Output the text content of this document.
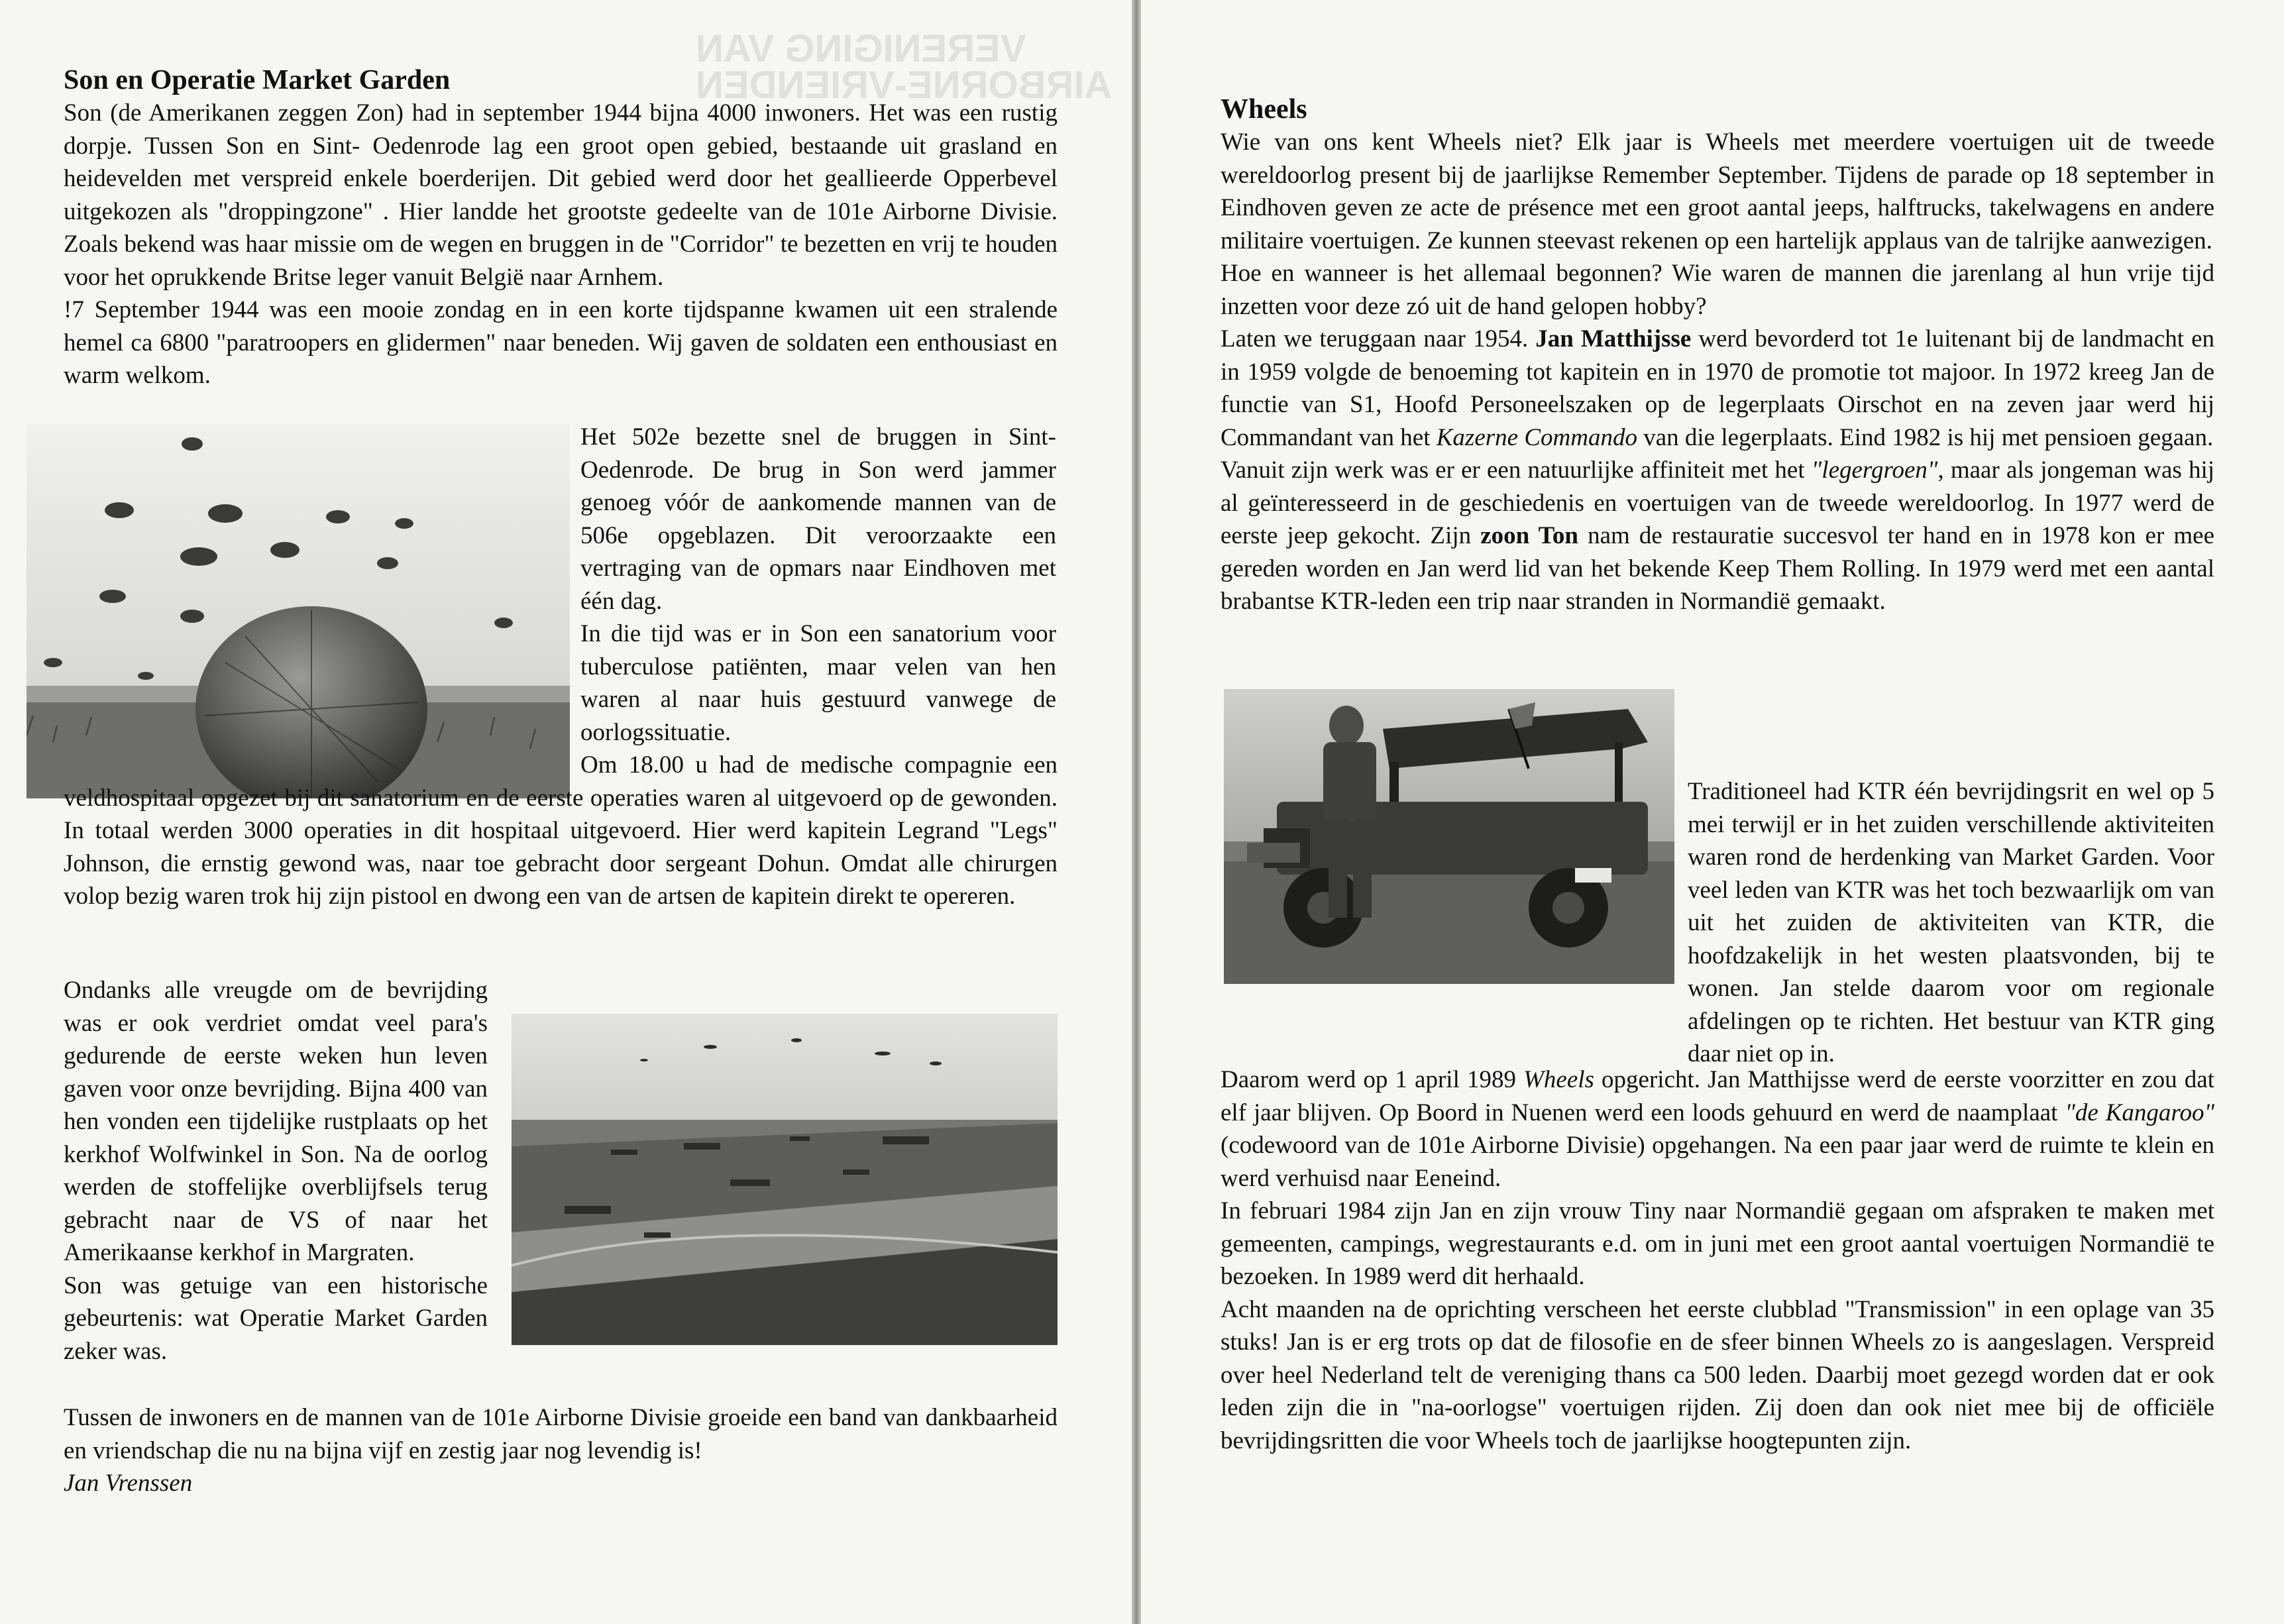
VERENIGING VAN
AIRBORNE-VRIENDEN
Son en Operatie Market Garden

Son (de Amerikanen zeggen Zon) had in september 1944 bijna 4000 inwoners. Het was een rustig dorpje. Tussen Son en Sint- Oedenrode lag een groot open gebied, bestaande uit grasland en heidevelden met verspreid enkele boerderijen. Dit gebied werd door het geallieerde Opperbevel uitgekozen als "droppingzone" . Hier landde het grootste gedeelte van de 101e Airborne Divisie. Zoals bekend was haar missie om de wegen en bruggen in de "Corridor" te bezetten en vrij te houden voor het oprukkende Britse leger vanuit België naar Arnhem.

!7 September 1944 was een mooie zondag en in een korte tijdspanne kwamen uit een stralende hemel ca 6800 "paratroopers en glidermen" naar beneden. Wij gaven de soldaten een enthousiast en warm welkom.

Het 502e bezette snel de bruggen in Sint-Oedenrode. De brug in Son werd jammer genoeg vóór de aankomende mannen van de 506e opgeblazen. Dit veroorzaakte een vertraging van de opmars naar Eindhoven met één dag.

In die tijd was er in Son een sanatorium voor tuberculose patiënten, maar velen van hen waren al naar huis gestuurd vanwege de oorlogssituatie.

Om 18.00 u had de medische compagnie een veldhospitaal opgezet bij dit sanatorium en de eerste operaties waren al uitgevoerd op de gewonden. In totaal werden 3000 operaties in dit hospitaal uitgevoerd. Hier werd kapitein Legrand "Legs" Johnson, die ernstig gewond was, naar toe gebracht door sergeant Dohun. Omdat alle chirurgen volop bezig waren trok hij zijn pistool en dwong een van de artsen de kapitein direkt te opereren.

Ondanks alle vreugde om de bevrijding was er ook verdriet omdat veel para's gedurende de eerste weken hun leven gaven voor onze bevrijding. Bijna 400 van hen vonden een tijdelijke rustplaats op het kerkhof Wolfwinkel in Son. Na de oorlog werden de stoffelijke overblijfsels terug gebracht naar de VS of naar het Amerikaanse kerkhof in Margraten.

Son was getuige van een historische gebeurtenis: wat Operatie Market Garden zeker was.

Tussen de inwoners en de mannen van de 101e Airborne Divisie groeide een band van dankbaarheid en vriendschap die nu na bijna vijf en zestig jaar nog levendig is!

Jan Vrenssen

Wheels

Wie van ons kent Wheels niet? Elk jaar is Wheels met meerdere voertuigen uit de tweede wereldoorlog present bij de jaarlijkse Remember September. Tijdens de parade op 18 september in Eindhoven geven ze acte de présence met een groot aantal jeeps, halftrucks, takelwagens en andere militaire voertuigen. Ze kunnen steevast rekenen op een hartelijk applaus van de talrijke aanwezigen.

Hoe en wanneer is het allemaal begonnen? Wie waren de mannen die jarenlang al hun vrije tijd inzetten voor deze zó uit de hand gelopen hobby?

Laten we teruggaan naar 1954. Jan Matthijsse werd bevorderd tot 1e luitenant bij de landmacht en in 1959 volgde de benoeming tot kapitein en in 1970 de promotie tot majoor. In 1972 kreeg Jan de functie van S1, Hoofd Personeelszaken op de legerplaats Oirschot en na zeven jaar werd hij Commandant van het Kazerne Commando van die legerplaats. Eind 1982 is hij met pensioen gegaan.

Vanuit zijn werk was er er een natuurlijke affiniteit met het "legergroen", maar als jongeman was hij al geïnteresseerd in de geschiedenis en voertuigen van de tweede wereldoorlog. In 1977 werd de eerste jeep gekocht. Zijn zoon Ton nam de restauratie succesvol ter hand en in 1978 kon er mee gereden worden en Jan werd lid van het bekende Keep Them Rolling. In 1979 werd met een aantal brabantse KTR-leden een trip naar stranden in Normandië gemaakt.

Traditioneel had KTR één bevrijdingsrit en wel op 5 mei terwijl er in het zuiden verschillende aktiviteiten waren rond de herdenking van Market Garden. Voor veel leden van KTR was het toch bezwaarlijk om van uit het zuiden de aktiviteiten van KTR, die hoofdzakelijk in het westen plaatsvonden, bij te wonen. Jan stelde daarom voor om regionale afdelingen op te richten. Het bestuur van KTR ging daar niet op in.

Daarom werd op 1 april 1989 Wheels opgericht. Jan Matthijsse werd de eerste voorzitter en zou dat elf jaar blijven. Op Boord in Nuenen werd een loods gehuurd en werd de naamplaat "de Kangaroo" (codewoord van de 101e Airborne Divisie) opgehangen. Na een paar jaar werd de ruimte te klein en werd verhuisd naar Eeneind.

In februari 1984 zijn Jan en zijn vrouw Tiny naar Normandië gegaan om afspraken te maken met gemeenten, campings, wegrestaurants e.d. om in juni met een groot aantal voertuigen Normandië te bezoeken. In 1989 werd dit herhaald.

Acht maanden na de oprichting verscheen het eerste clubblad "Transmission" in een oplage van 35 stuks! Jan is er erg trots op dat de filosofie en de sfeer binnen Wheels zo is aangeslagen. Verspreid over heel Nederland telt de vereniging thans ca 500 leden. Daarbij moet gezegd worden dat er ook leden zijn die in "na-oorlogse" voertuigen rijden. Zij doen dan ook niet mee bij de officiële bevrijdingsritten die voor Wheels toch de jaarlijkse hoogtepunten zijn.
